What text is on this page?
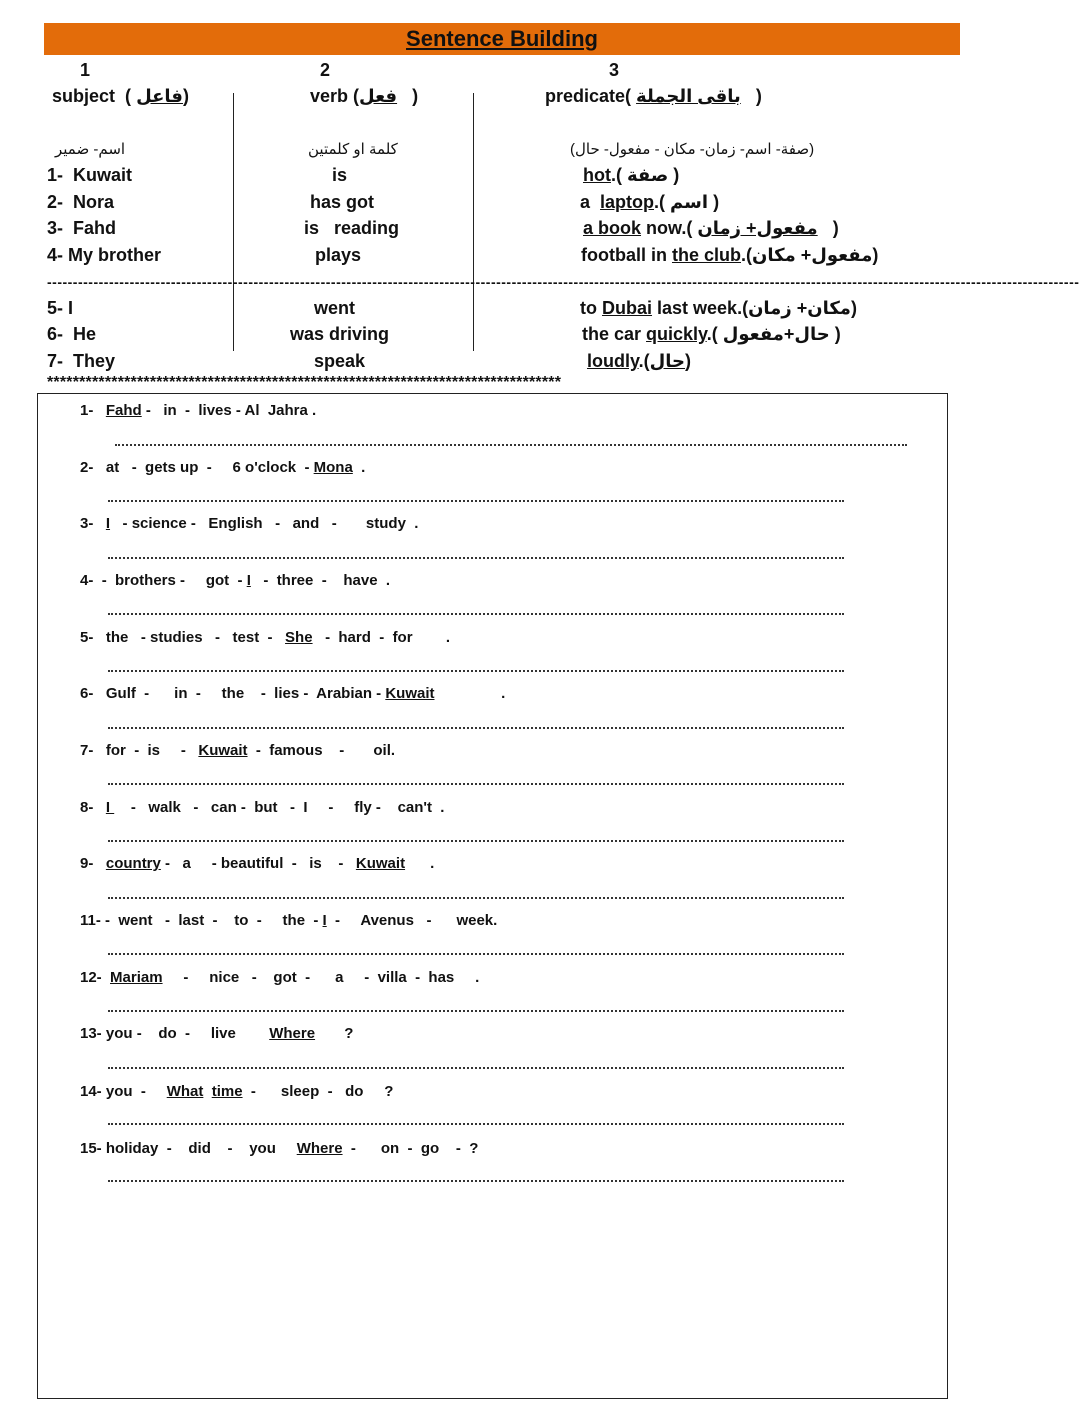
Sentence Building
1	2	3
subject ( فاعل)	verb (فعل )	predicate( باقى الجملة )
اسم- ضمير	كلمة او كلمتين	(صفة- اسم- زمان- مكان - مفعول- حال)
1- Kuwait	is	hot.( صفة )
2- Nora	has got	a laptop.( اسم )
3- Fahd	is   reading	a book now.( مفعول+ زمان )
4- My brother	plays	football in the club.(مفعول+ مكان)
--------------------------------------------------------------------------------------------------------------------------------------------------------------------------------------------------------
5- I	went	to Dubai last week.(مكان+ زمان)
6- He	was driving	the car quickly.( حال+مفعول )
7- They	speak	loudly.(حال)
********************************************************************************
1- Fahd -   in  -  lives - Al  Jahra .
2- at   -  gets up  -     6 o'clock  - Mona  .
3- I   - science -   English   -   and   -       study  .
4- -  brothers -     got  - I   -  three  -    have  .
5- the   - studies   -   test  -   She   -  hard  -  for        .
6- Gulf  -      in  -     the    -  lies -  Arabian - Kuwait                .
7- for  -  is     -   Kuwait  -  famous    -       oil.
8- I     -   walk   -   can -  but   -  I     -     fly -    can't  .
9- country -   a     - beautiful  -   is    -   Kuwait      .
11- -  went   -  last  -    to  -     the  - I  -     Avenus   -      week.
12- Mariam     -     nice   -    got  -      a     -  villa  -  has     .
13- you -    do  -     live        Where       ?
14- you  -     What time  -      sleep  -   do     ?
15- holiday  -    did    -    you     Where  -      on  -  go    -  ?
